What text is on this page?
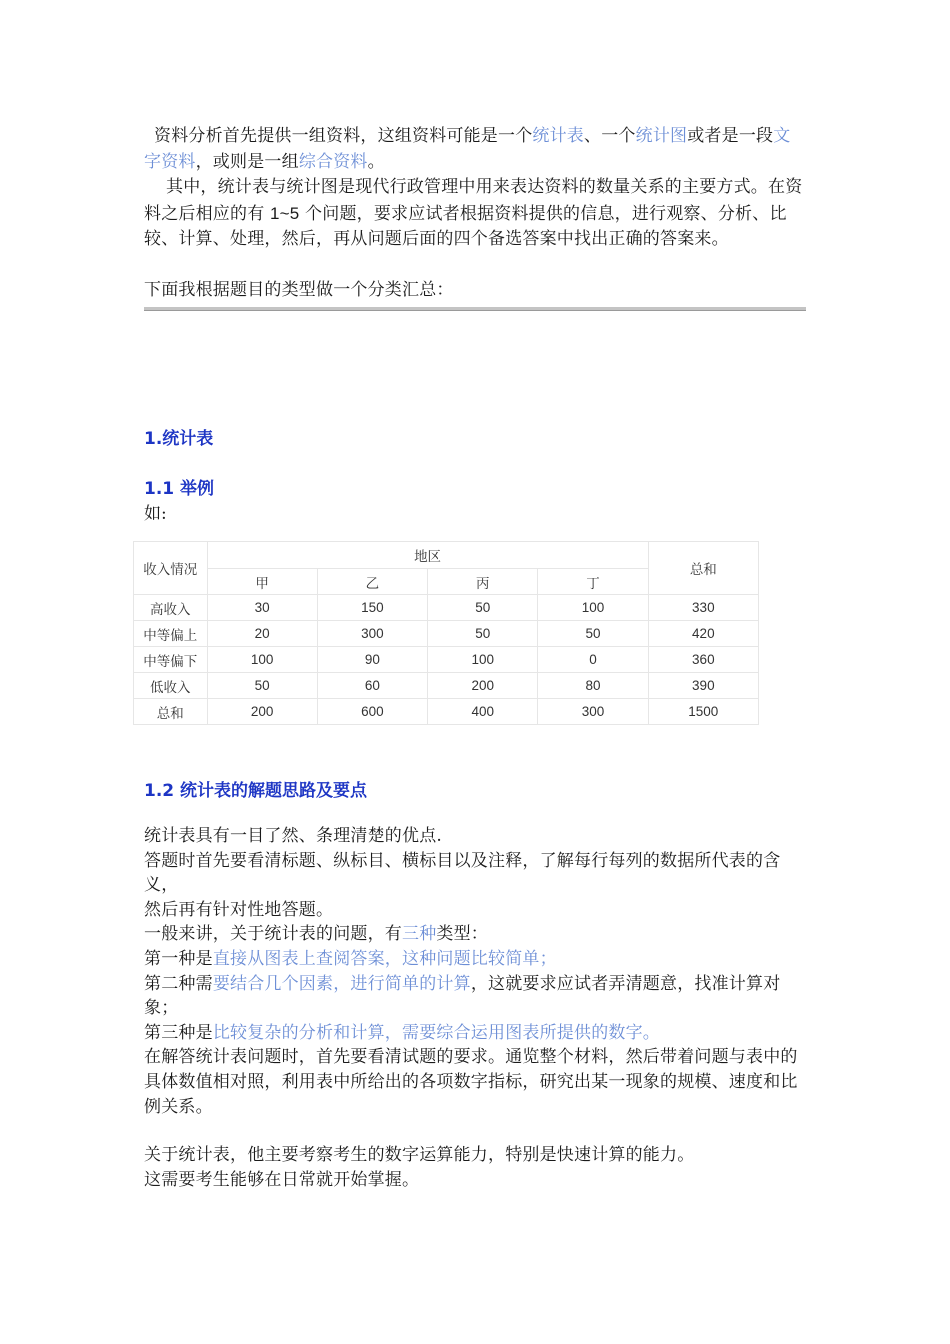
资料分析首先提供一组资料，这组资料可能是一个统计表、一个统计图或者是一段文字资料，或则是一组综合资料。

其中，统计表与统计图是现代行政管理中用来表达资料的数量关系的主要方式。在资料之后相应的有 1~5 个问题，要求应试者根据资料提供的信息，进行观察、分析、比较、计算、处理，然后，再从问题后面的四个备选答案中找出正确的答案来。

下面我根据题目的类型做一个分类汇总：

1.统计表
1.1 举例
如:
收入情况	地区				总和
	甲	乙	丙	丁	
高收入	30	150	50	100	330
中等偏上	20	300	50	50	420
中等偏下	100	90	100	0	360
低收入	50	60	200	80	390
总和	200	600	400	300	1500
1.2 统计表的解题思路及要点

统计表具有一目了然、条理清楚的优点.

答题时首先要看清标题、纵标目、横标目以及注释，了解每行每列的数据所代表的含义，

然后再有针对性地答题。

一般来讲，关于统计表的问题，有三种类型：

第一种是直接从图表上查阅答案，这种问题比较简单；

第二种需要结合几个因素，进行简单的计算，这就要求应试者弄清题意，找准计算对象；

第三种是比较复杂的分析和计算，需要综合运用图表所提供的数字。

在解答统计表问题时，首先要看清试题的要求。通览整个材料，然后带着问题与表中的具体数值相对照，利用表中所给出的各项数字指标，研究出某一现象的规模、速度和比例关系。

关于统计表，他主要考察考生的数字运算能力，特别是快速计算的能力。

这需要考生能够在日常就开始掌握。
